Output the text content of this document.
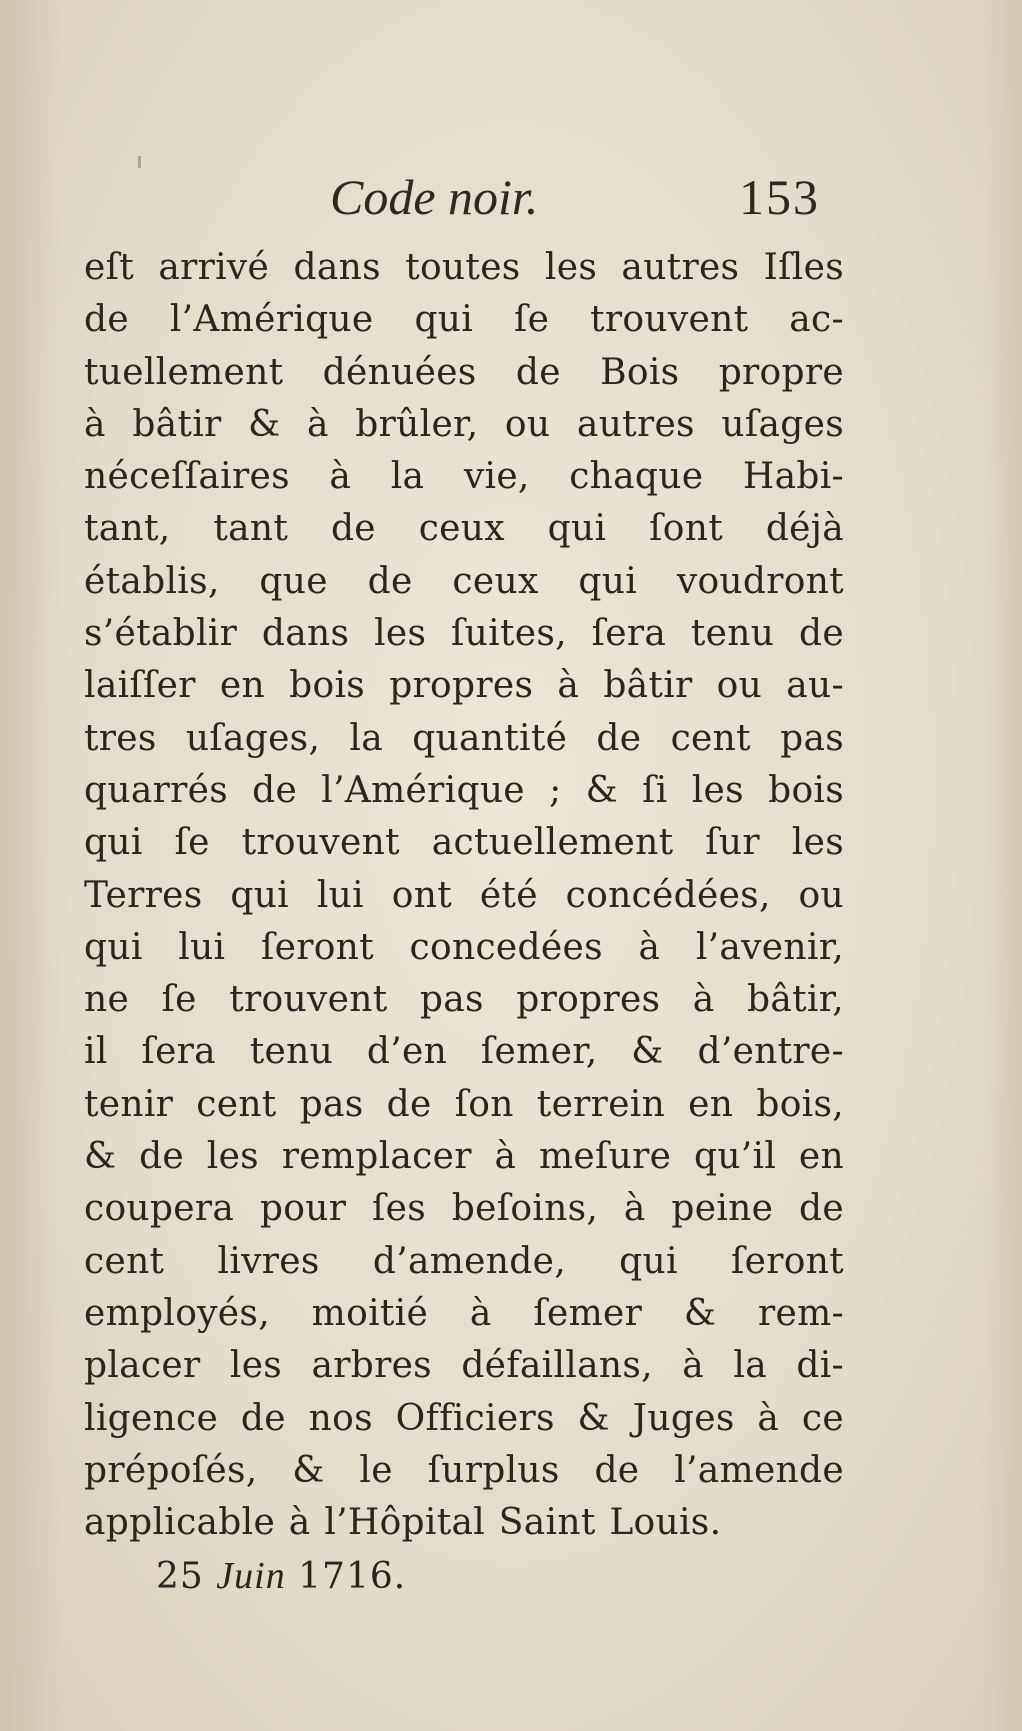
Code noir.	153
eſt arrivé dans toutes les autres Iſles
de l’Amérique qui ſe trouvent ac-
tuellement dénuées de Bois propre
à bâtir & à brûler, ou autres uſages
néceſſaires à la vie, chaque Habi-
tant, tant de ceux qui ſont déjà
établis, que de ceux qui voudront
s’établir dans les ſuites, ſera tenu de
laiſſer en bois propres à bâtir ou au-
tres uſages, la quantité de cent pas
quarrés de l’Amérique ; & ſi les bois
qui ſe trouvent actuellement ſur les
Terres qui lui ont été concédées, ou
qui lui ſeront concedées à l’avenir,
ne ſe trouvent pas propres à bâtir,
il ſera tenu d’en ſemer, & d’entre-
tenir cent pas de ſon terrein en bois,
& de les remplacer à meſure qu’il en
coupera pour ſes beſoins, à peine de
cent livres d’amende, qui ſeront
employés, moitié à ſemer & rem-
placer les arbres défaillans, à la di-
ligence de nos Officiers & Juges à ce
prépoſés, & le ſurplus de l’amende
applicable à l’Hôpital Saint Louis.
25 Juin 1716.
